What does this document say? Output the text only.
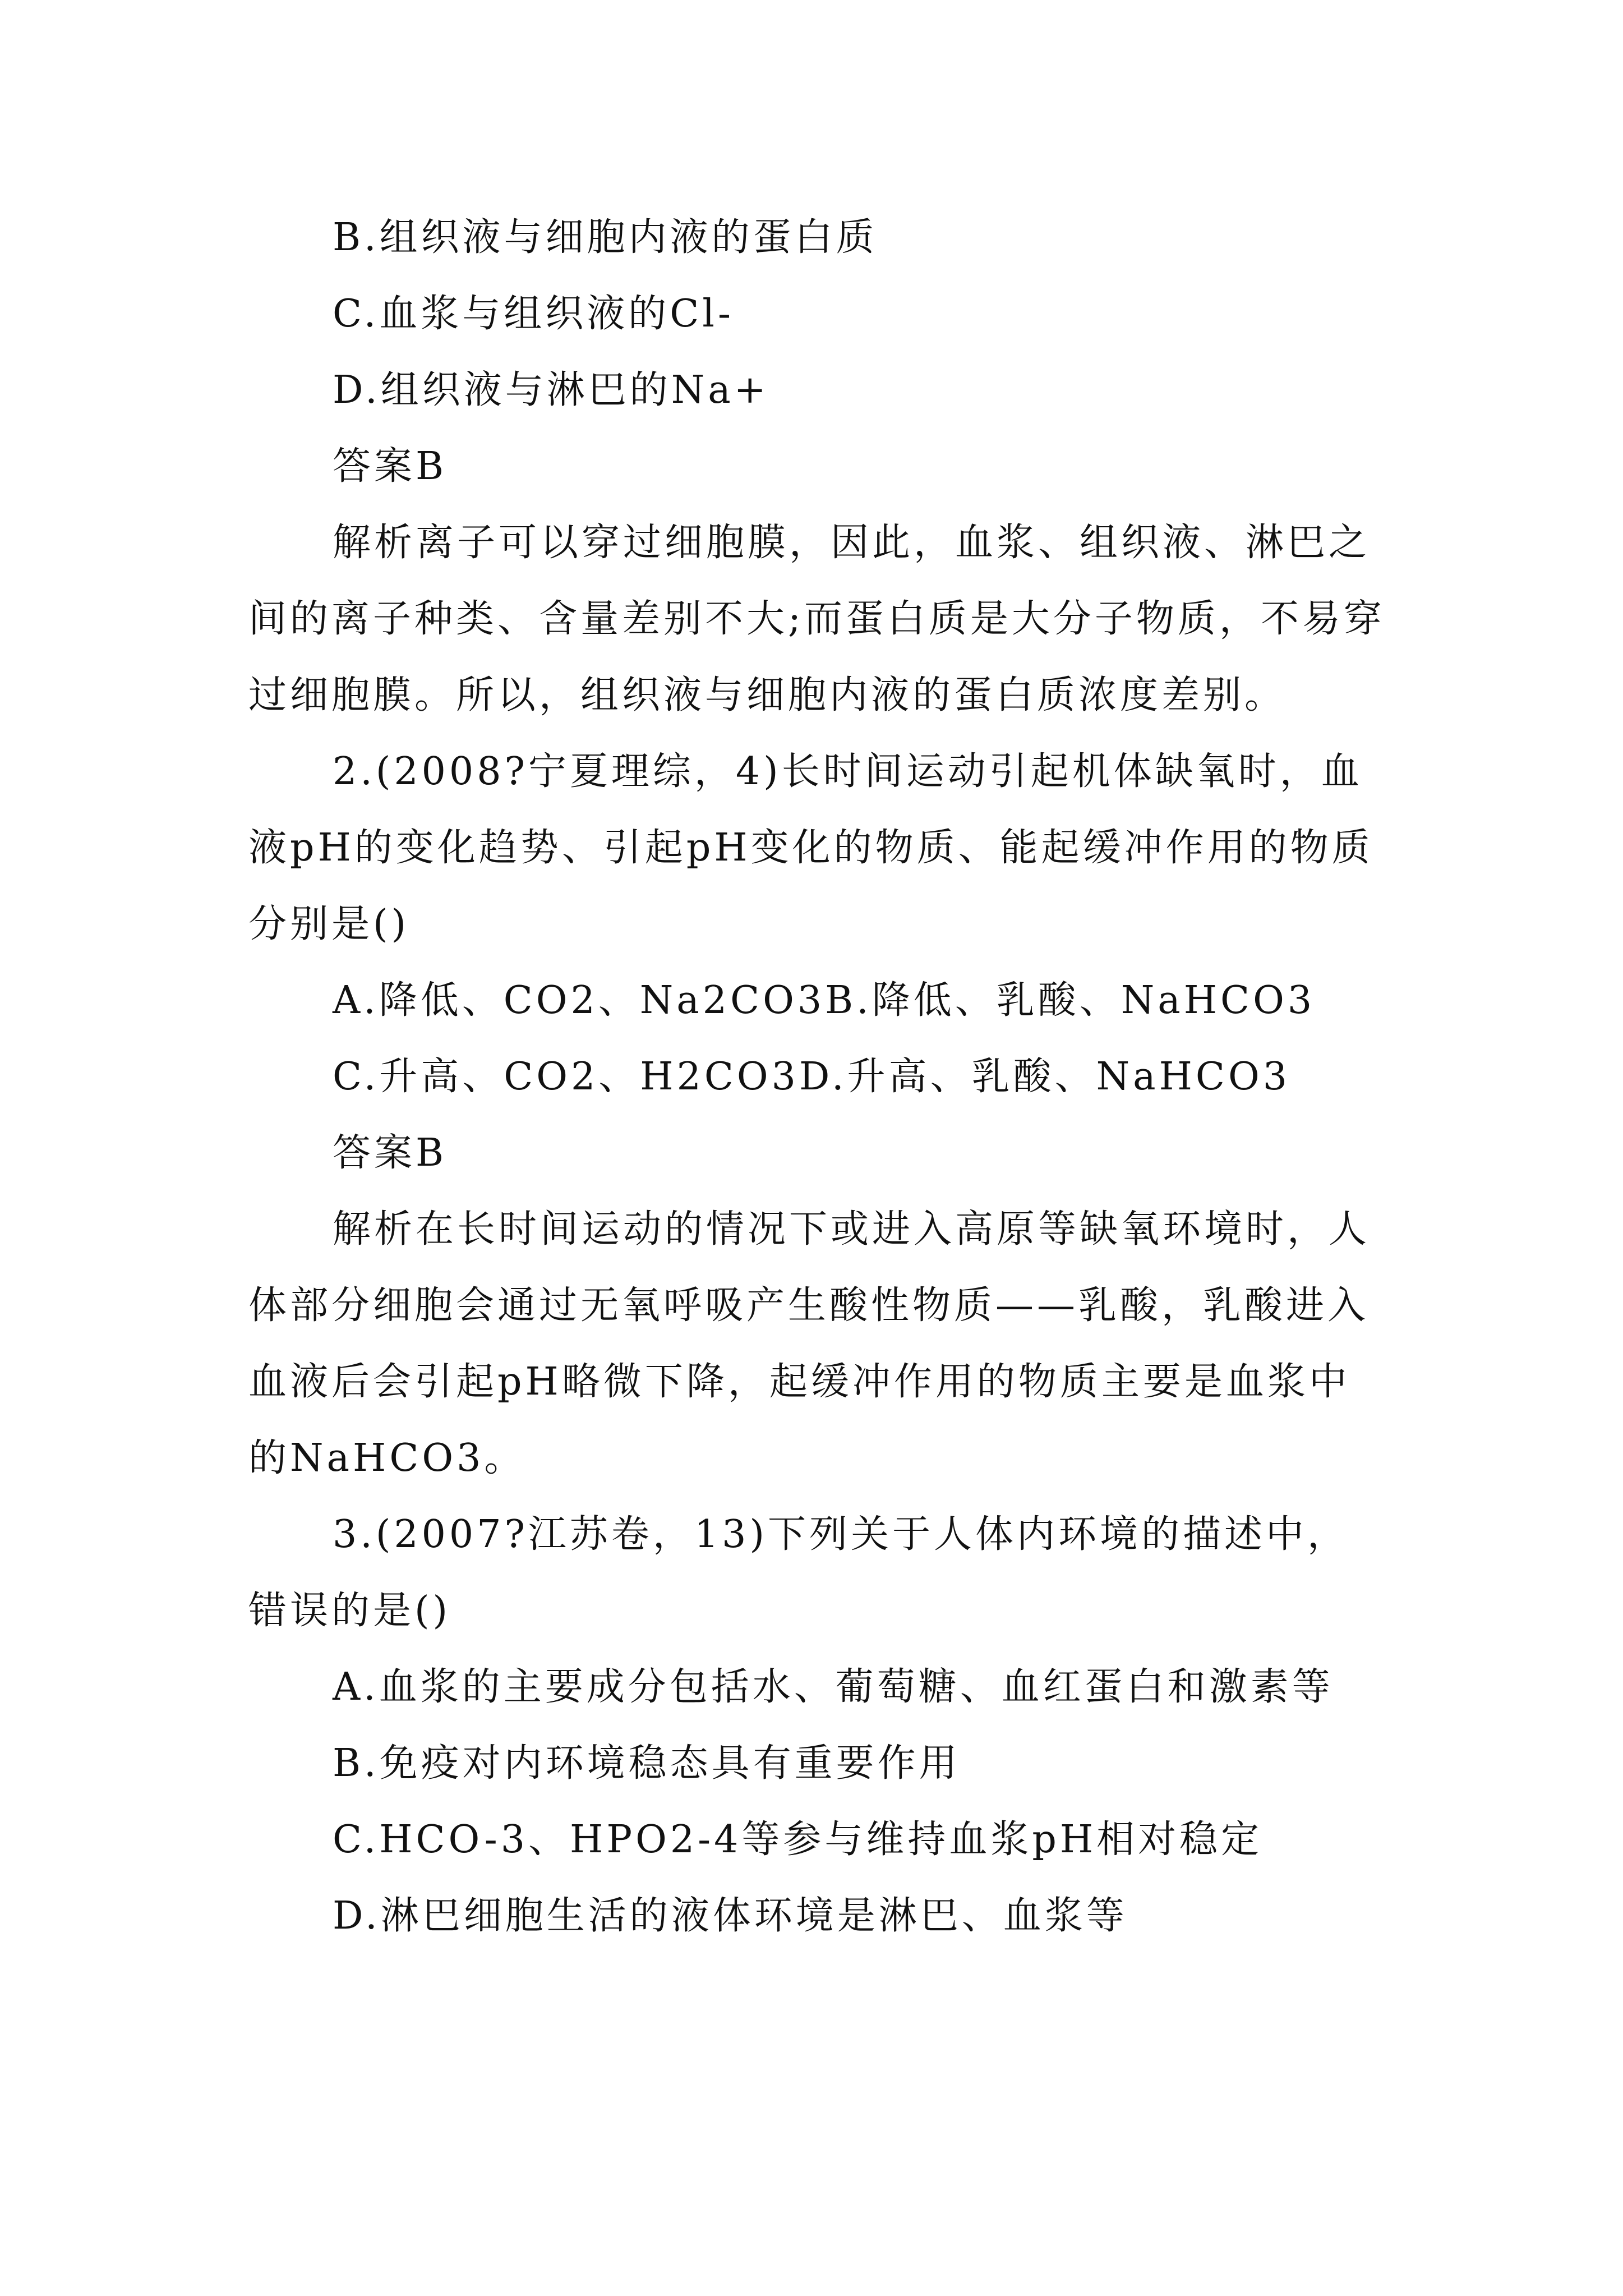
B.组织液与细胞内液的蛋白质

C.血浆与组织液的Cl-

D.组织液与淋巴的Na+

答案B

解析离子可以穿过细胞膜，因此，血浆、组织液、淋巴之间的离子种类、含量差别不大;而蛋白质是大分子物质，不易穿过细胞膜。所以，组织液与细胞内液的蛋白质浓度差别。

2.(2008?宁夏理综，4)长时间运动引起机体缺氧时，血液pH的变化趋势、引起pH变化的物质、能起缓冲作用的物质分别是()

A.降低、CO2、Na2CO3B.降低、乳酸、NaHCO3

C.升高、CO2、H2CO3D.升高、乳酸、NaHCO3

答案B

解析在长时间运动的情况下或进入高原等缺氧环境时，人体部分细胞会通过无氧呼吸产生酸性物质——乳酸，乳酸进入血液后会引起pH略微下降，起缓冲作用的物质主要是血浆中的NaHCO3。

3.(2007?江苏卷，13)下列关于人体内环境的描述中，错误的是()

A.血浆的主要成分包括水、葡萄糖、血红蛋白和激素等

B.免疫对内环境稳态具有重要作用

C.HCO-3、HPO2-4等参与维持血浆pH相对稳定

D.淋巴细胞生活的液体环境是淋巴、血浆等
